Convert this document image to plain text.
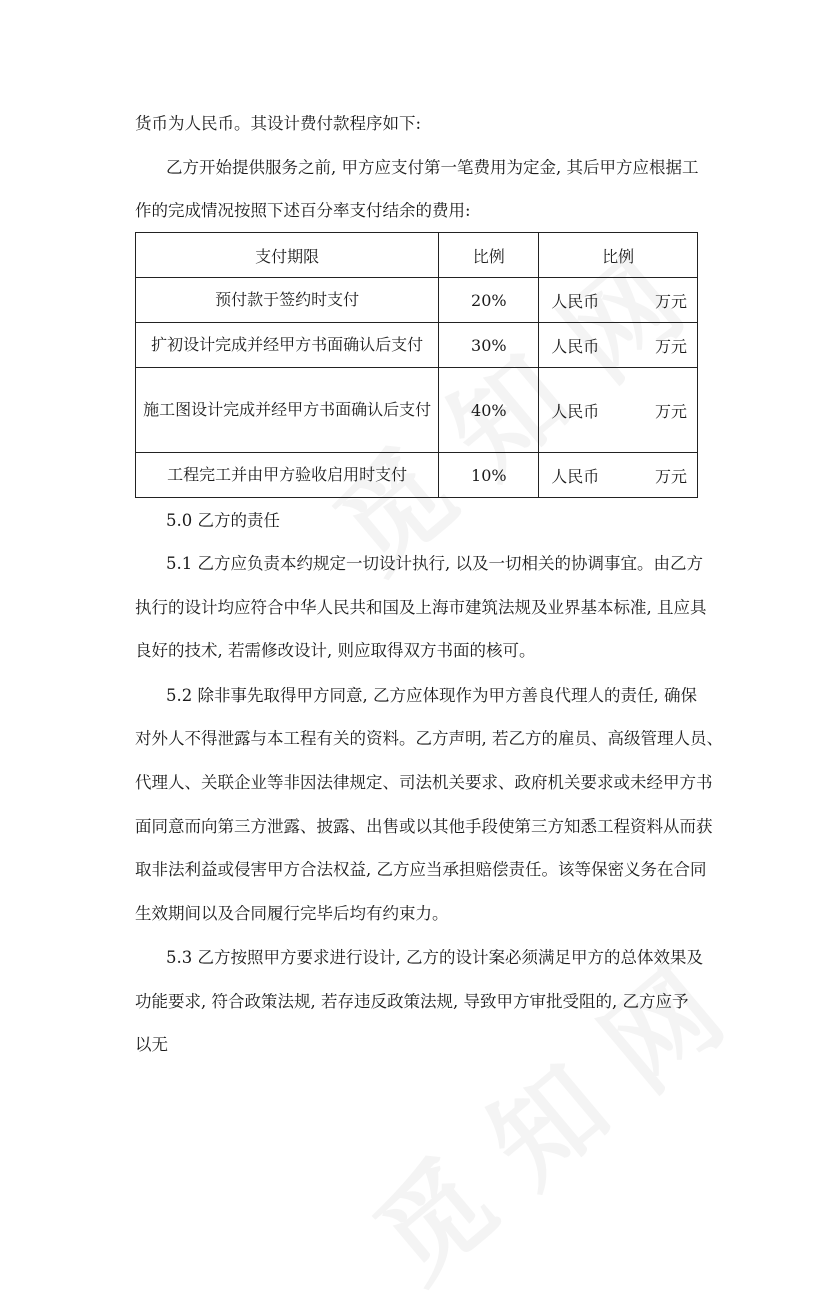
货币为人民币。其设计费付款程序如下:
乙方开始提供服务之前, 甲方应支付第一笔费用为定金, 其后甲方应根据工
作的完成情况按照下述百分率支付结余的费用:
支付期限	比例	比例
预付款于签约时支付	20%	人民币 万元

扩初设计完成并经甲方书面确认后支付	30%	人民币 万元

施工图设计完成并经甲方书面确认后支付	40%	人民币 万元

工程完工并由甲方验收启用时支付	10%	人民币 万元
5.0 乙方的责任
5.1 乙方应负责本约规定一切设计执行, 以及一切相关的协调事宜。由乙方
执行的设计均应符合中华人民共和国及上海市建筑法规及业界基本标准, 且应具
良好的技术, 若需修改设计, 则应取得双方书面的核可。
5.2 除非事先取得甲方同意, 乙方应体现作为甲方善良代理人的责任, 确保
对外人不得泄露与本工程有关的资料。乙方声明, 若乙方的雇员、高级管理人员、
代理人、关联企业等非因法律规定、司法机关要求、政府机关要求或未经甲方书
面同意而向第三方泄露、披露、出售或以其他手段使第三方知悉工程资料从而获
取非法利益或侵害甲方合法权益, 乙方应当承担赔偿责任。该等保密义务在合同
生效期间以及合同履行完毕后均有约束力。
5.3 乙方按照甲方要求进行设计, 乙方的设计案必须满足甲方的总体效果及
功能要求, 符合政策法规, 若存违反政策法规, 导致甲方审批受阻的, 乙方应予
以无
